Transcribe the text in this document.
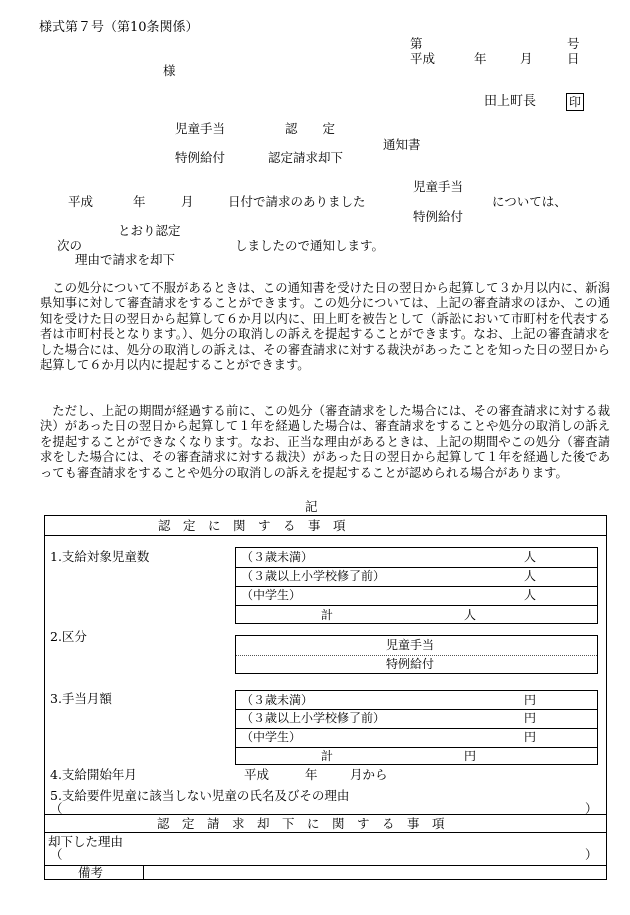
様式第７号（第10条関係）
第	号
平成	年	月	日
様
田上町長	印
児童手当	認　　定
通知書
特例給付	認定請求却下
児童手当
平成	年	月	日付で請求のありました	については、
特例給付
とおり認定
次の	しましたので通知します。
理由で請求を却下
この処分について不服があるときは、この通知書を受けた日の翌日から起算して３か月以内に、新潟県知事に対して審査請求をすることができます。この処分については、上記の審査請求のほか、この通知を受けた日の翌日から起算して６か月以内に、田上町を被告として（訴訟において市町村を代表する者は市町村長となります。）、処分の取消しの訴えを提起することができます。なお、上記の審査請求をした場合には、処分の取消しの訴えは、その審査請求に対する裁決があったことを知った日の翌日から起算して６か月以内に提起することができます。
ただし、上記の期間が経過する前に、この処分（審査請求をした場合には、その審査請求に対する裁決）があった日の翌日から起算して１年を経過した場合は、審査請求をすることや処分の取消しの訴えを提起することができなくなります。なお、正当な理由があるときは、上記の期間やこの処分（審査請求をした場合には、その審査請求に対する裁決）があった日の翌日から起算して１年を経過した後であっても審査請求をすることや処分の取消しの訴えを提起することが認められる場合があります。
記
認　定　に　関　す　る　事　項
1.支給対象児童数	（３歳未満）	人
（３歳以上小学校修了前）	人
（中学生）	人
計	人
2.区分
児童手当
特例給付
3.手当月額	（３歳未満）	円
（３歳以上小学校修了前）	円
（中学生）	円
計	円
4.支給開始年月	平成	年	月から
5.支給要件児童に該当しない児童の氏名及びその理由
（	）
認　定　請　求　却　下　に　関　す　る　事　項
却下した理由
（	）
備考
